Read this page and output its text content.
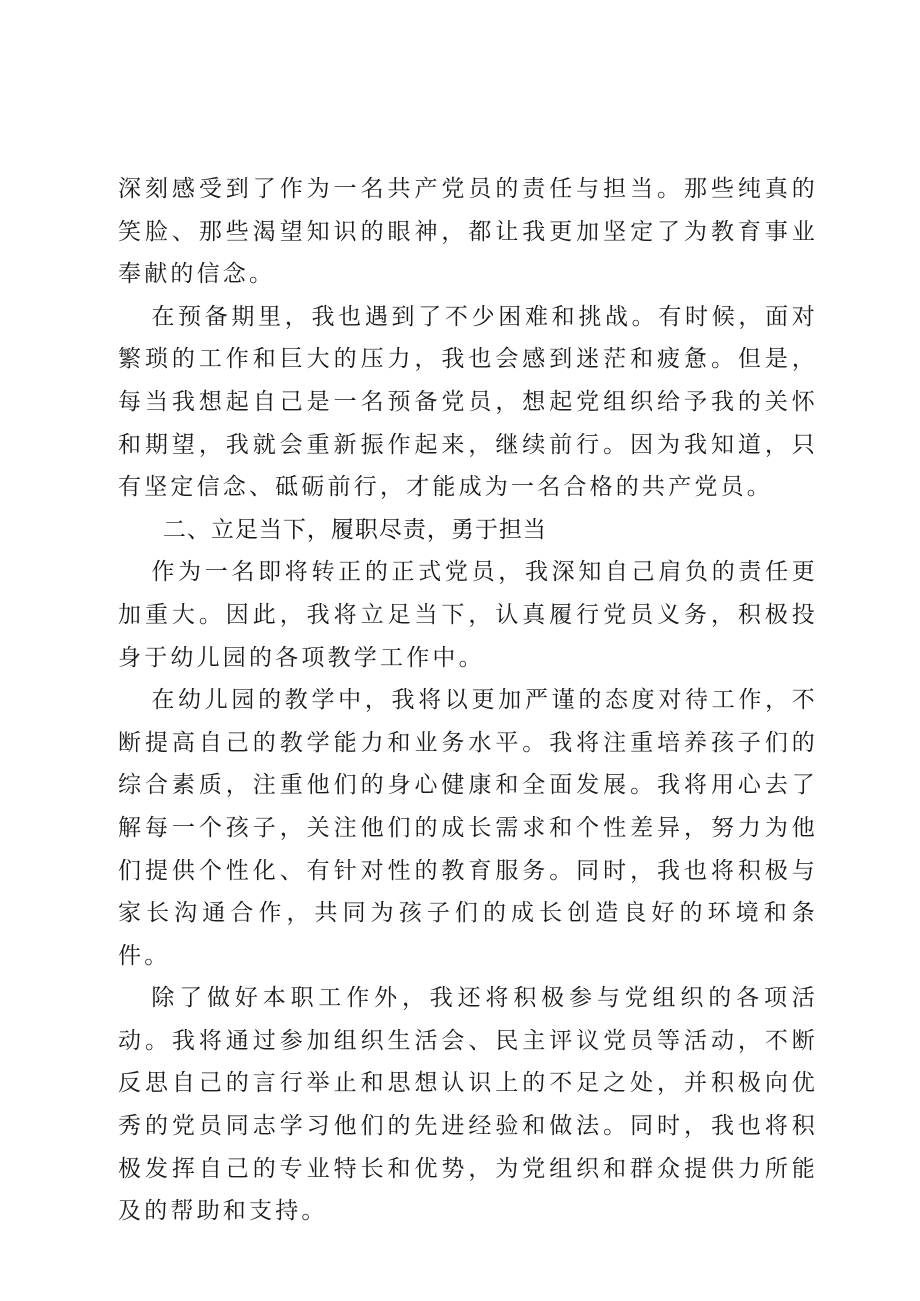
深刻感受到了作为一名共产党员的责任与担当。那些纯真的笑脸、那些渴望知识的眼神，都让我更加坚定了为教育事业奉献的信念。

在预备期里，我也遇到了不少困难和挑战。有时候，面对繁琐的工作和巨大的压力，我也会感到迷茫和疲惫。但是，每当我想起自己是一名预备党员，想起党组织给予我的关怀和期望，我就会重新振作起来，继续前行。因为我知道，只有坚定信念、砥砺前行，才能成为一名合格的共产党员。

二、立足当下，履职尽责，勇于担当

作为一名即将转正的正式党员，我深知自己肩负的责任更加重大。因此，我将立足当下，认真履行党员义务，积极投身于幼儿园的各项教学工作中。

在幼儿园的教学中，我将以更加严谨的态度对待工作，不断提高自己的教学能力和业务水平。我将注重培养孩子们的综合素质，注重他们的身心健康和全面发展。我将用心去了解每一个孩子，关注他们的成长需求和个性差异，努力为他们提供个性化、有针对性的教育服务。同时，我也将积极与家长沟通合作，共同为孩子们的成长创造良好的环境和条件。

除了做好本职工作外，我还将积极参与党组织的各项活动。我将通过参加组织生活会、民主评议党员等活动，不断反思自己的言行举止和思想认识上的不足之处，并积极向优秀的党员同志学习他们的先进经验和做法。同时，我也将积极发挥自己的专业特长和优势，为党组织和群众提供力所能及的帮助和支持。
